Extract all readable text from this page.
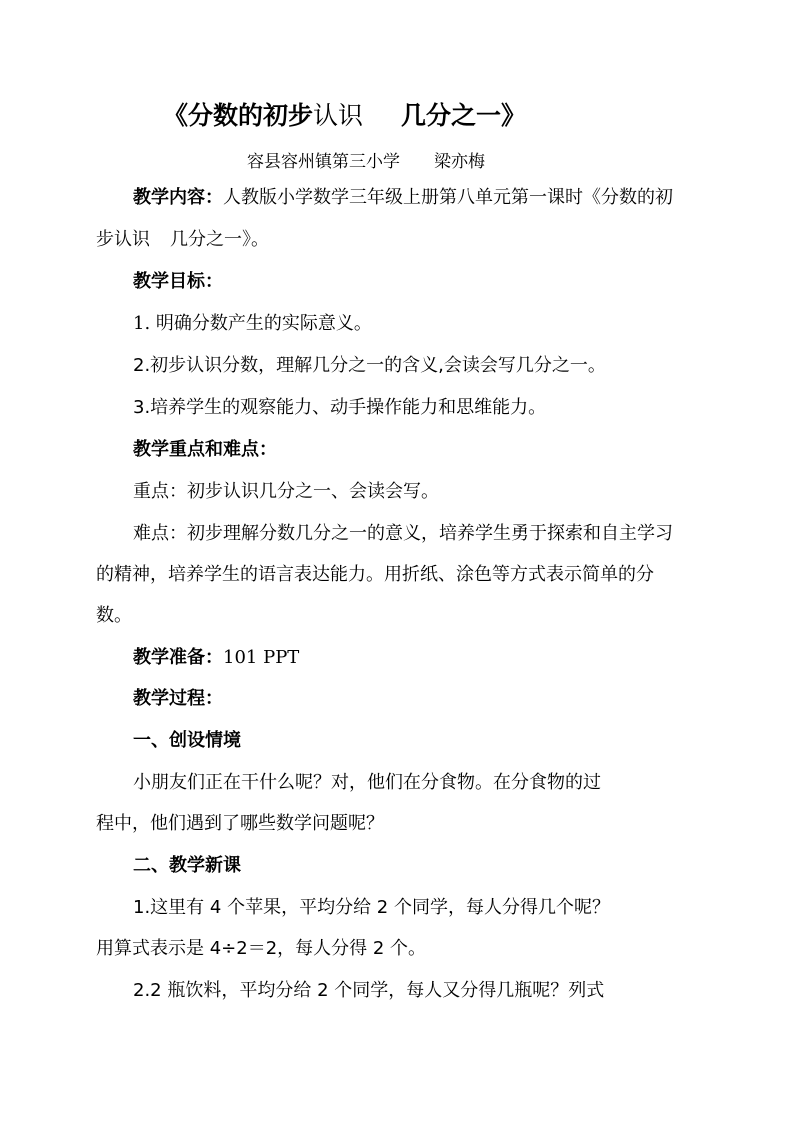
《分数的初步认识 几分之一》
容县容州镇第三小学 梁亦梅
教学内容：人教版小学数学三年级上册第八单元第一课时《分数的初
步认识 几分之一》。
教学目标：
1. 明确分数产生的实际意义。
2.初步认识分数，理解几分之一的含义,会读会写几分之一。
3.培养学生的观察能力、动手操作能力和思维能力。
教学重点和难点：
重点：初步认识几分之一、会读会写。
难点：初步理解分数几分之一的意义，培养学生勇于探索和自主学习
的精神，培养学生的语言表达能力。用折纸、涂色等方式表示简单的分
数。
教学准备：101 PPT
教学过程：
一、创设情境
小朋友们正在干什么呢？对，他们在分食物。在分食物的过
程中，他们遇到了哪些数学问题呢？
二、教学新课
1.这里有 4 个苹果，平均分给 2 个同学，每人分得几个呢？
用算式表示是 4÷2＝2，每人分得 2 个。
2.2 瓶饮料，平均分给 2 个同学，每人又分得几瓶呢？列式
